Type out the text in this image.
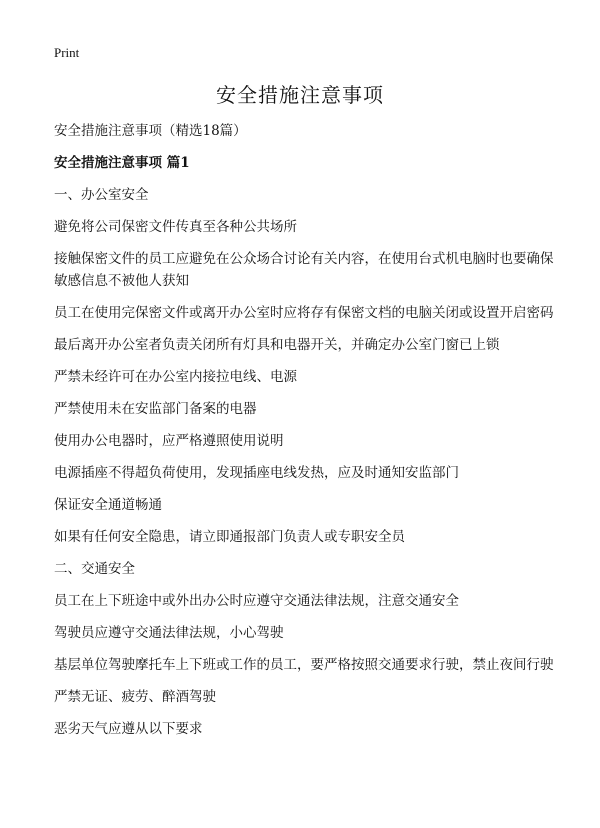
Print
安全措施注意事项

安全措施注意事项（精选18篇）

安全措施注意事项 篇1

一、办公室安全

避免将公司保密文件传真至各种公共场所

接触保密文件的员工应避免在公众场合讨论有关内容，在使用台式机电脑时也要确保敏感信息不被他人获知

员工在使用完保密文件或离开办公室时应将存有保密文档的电脑关闭或设置开启密码

最后离开办公室者负责关闭所有灯具和电器开关，并确定办公室门窗已上锁

严禁未经许可在办公室内接拉电线、电源

严禁使用未在安监部门备案的电器

使用办公电器时，应严格遵照使用说明

电源插座不得超负荷使用，发现插座电线发热，应及时通知安监部门

保证安全通道畅通

如果有任何安全隐患，请立即通报部门负责人或专职安全员

二、交通安全

员工在上下班途中或外出办公时应遵守交通法律法规，注意交通安全

驾驶员应遵守交通法律法规，小心驾驶

基层单位驾驶摩托车上下班或工作的员工，要严格按照交通要求行驶，禁止夜间行驶

严禁无证、疲劳、醉酒驾驶

恶劣天气应遵从以下要求
